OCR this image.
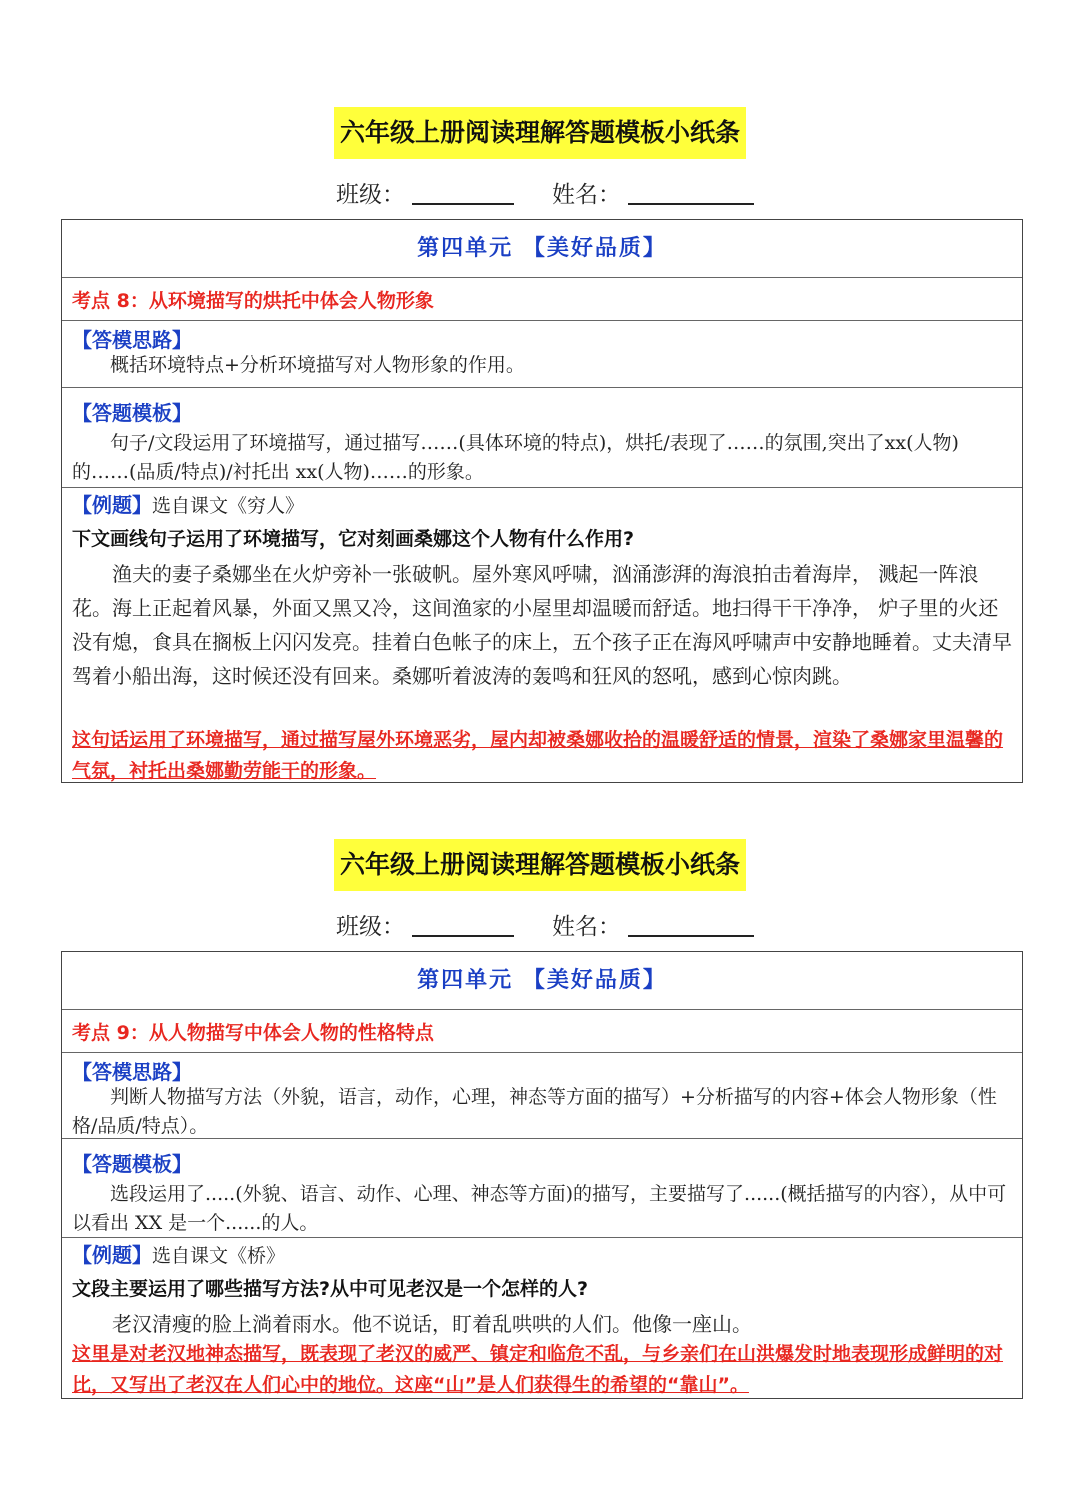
六年级上册阅读理解答题模板小纸条
班级：	姓名：
第四单元 【美好品质】
考点 8：从环境描写的烘托中体会人物形象
【答模思路】
概括环境特点+分析环境描写对人物形象的作用。
【答题模板】
句子/文段运用了环境描写，通过描写……(具体环境的特点)，烘托/表现了……的氛围,突出了xx(人物)的……(品质/特点)/衬托出 xx(人物)……的形象。
【例题】选自课文《穷人》
下文画线句子运用了环境描写，它对刻画桑娜这个人物有什么作用?
渔夫的妻子桑娜坐在火炉旁补一张破帆。屋外寒风呼啸，汹涌澎湃的海浪拍击着海岸， 溅起一阵浪花。海上正起着风暴，外面又黑又冷，这间渔家的小屋里却温暖而舒适。地扫得干干净净， 炉子里的火还没有熄，食具在搁板上闪闪发亮。挂着白色帐子的床上，五个孩子正在海风呼啸声中安静地睡着。丈夫清早驾着小船出海，这时候还没有回来。桑娜听着波涛的轰鸣和狂风的怒吼，感到心惊肉跳。
这句话运用了环境描写，通过描写屋外环境恶劣，屋内却被桑娜收拾的温暖舒适的情景，渲染了桑娜家里温馨的气氛，衬托出桑娜勤劳能干的形象。
六年级上册阅读理解答题模板小纸条
班级：	姓名：
第四单元 【美好品质】
考点 9：从人物描写中体会人物的性格特点
【答模思路】
判断人物描写方法（外貌，语言，动作，心理，神态等方面的描写）+分析描写的内容+体会人物形象（性格/品质/特点）。
【答题模板】
选段运用了.....(外貌、语言、动作、心理、神态等方面)的描写，主要描写了......(概括描写的内容），从中可以看出 XX 是一个......的人。
【例题】选自课文《桥》
文段主要运用了哪些描写方法?从中可见老汉是一个怎样的人?
老汉清瘦的脸上淌着雨水。他不说话，盯着乱哄哄的人们。他像一座山。
这里是对老汉地神态描写，既表现了老汉的威严、镇定和临危不乱，与乡亲们在山洪爆发时地表现形成鲜明的对比，又写出了老汉在人们心中的地位。这座“山”是人们获得生的希望的“靠山”。
